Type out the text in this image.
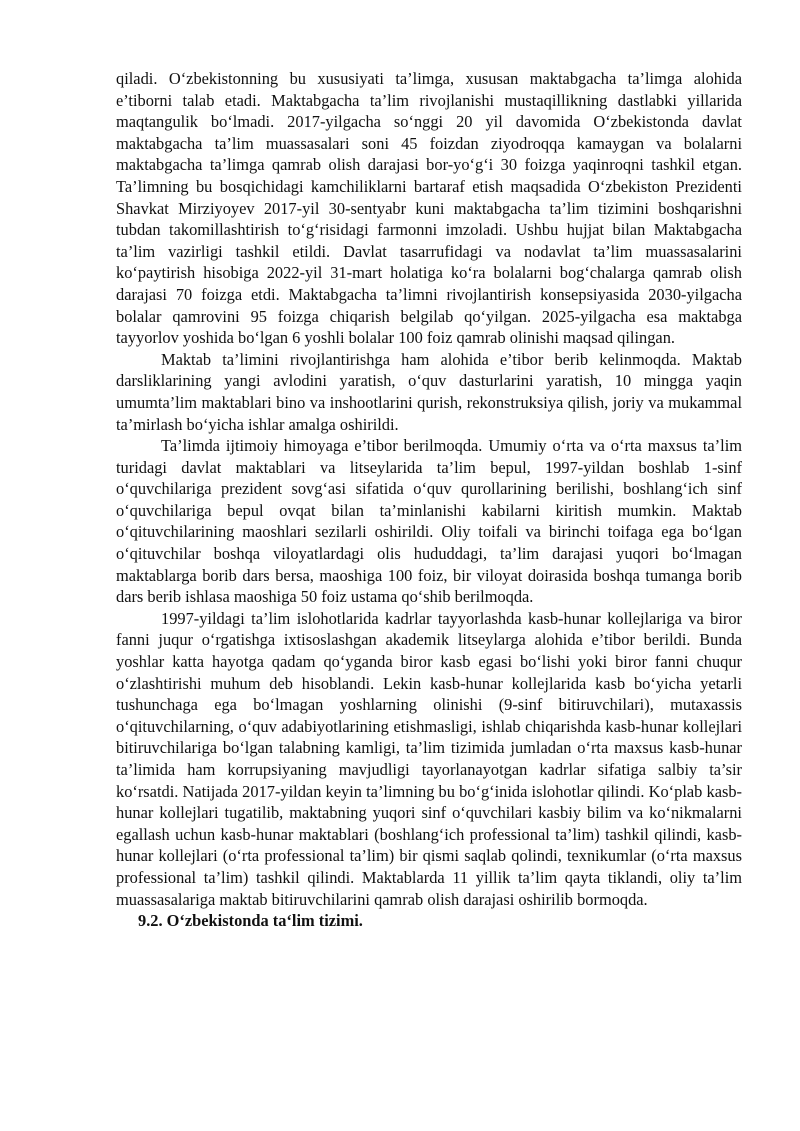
qiladi. O‘zbekistonning bu xususiyati ta’limga, xususan maktabgacha ta’limga alohida e’tiborni talab etadi. Maktabgacha ta’lim rivojlanishi mustaqillikning dastlabki yillarida maqtangulik bo‘lmadi. 2017-yilgacha so‘nggi 20 yil davomida O‘zbekistonda davlat maktabgacha ta’lim muassasalari soni 45 foizdan ziyodroqqa kamaygan va bolalarni maktabgacha ta’limga qamrab olish darajasi bor-yo‘g‘i 30 foizga yaqinroqni tashkil etgan. Ta’limning bu bosqichidagi kamchiliklarni bartaraf etish maqsadida O‘zbekiston Prezidenti Shavkat Mirziyoyev 2017-yil 30-sentyabr kuni maktabgacha ta’lim tizimini boshqarishni tubdan takomillashtirish to‘g‘risidagi farmonni imzoladi. Ushbu hujjat bilan Maktabgacha ta’lim vazirligi tashkil etildi. Davlat tasarrufidagi va nodavlat ta’lim muassasalarini ko‘paytirish hisobiga 2022-yil 31-mart holatiga ko‘ra bolalarni bog‘chalarga qamrab olish darajasi 70 foizga etdi. Maktabgacha ta’limni rivojlantirish konsepsiyasida 2030-yilgacha bolalar qamrovini 95 foizga chiqarish belgilab qo‘yilgan. 2025-yilgacha esa maktabga tayyorlov yoshida bo‘lgan 6 yoshli bolalar 100 foiz qamrab olinishi maqsad qilingan.

Maktab ta’limini rivojlantirishga ham alohida e’tibor berib kelinmoqda. Maktab darsliklarining yangi avlodini yaratish, o‘quv dasturlarini yaratish, 10 mingga yaqin umumta’lim maktablari bino va inshootlarini qurish, rekonstruksiya qilish, joriy va mukammal ta’mirlash bo‘yicha ishlar amalga oshirildi.

Ta’limda ijtimoiy himoyaga e’tibor berilmoqda. Umumiy o‘rta va o‘rta maxsus ta’lim turidagi davlat maktablari va litseylarida ta’lim bepul, 1997-yildan boshlab 1-sinf o‘quvchilariga prezident sovg‘asi sifatida o‘quv qurollarining berilishi, boshlang‘ich sinf o‘quvchilariga bepul ovqat bilan ta’minlanishi kabilarni kiritish mumkin. Maktab o‘qituvchilarining maoshlari sezilarli oshirildi. Oliy toifali va birinchi toifaga ega bo‘lgan o‘qituvchilar boshqa viloyatlardagi olis hududdagi, ta’lim darajasi yuqori bo‘lmagan maktablarga borib dars bersa, maoshiga 100 foiz, bir viloyat doirasida boshqa tumanga borib dars berib ishlasa maoshiga 50 foiz ustama qo‘shib berilmoqda.

1997-yildagi ta’lim islohotlarida kadrlar tayyorlashda kasb-hunar kollejlariga va biror fanni juqur o‘rgatishga ixtisoslashgan akademik litseylarga alohida e’tibor berildi. Bunda yoshlar katta hayotga qadam qo‘yganda biror kasb egasi bo‘lishi yoki biror fanni chuqur o‘zlashtirishi muhum deb hisoblandi. Lekin kasb-hunar kollejlarida kasb bo‘yicha yetarli tushunchaga ega bo‘lmagan yoshlarning olinishi (9-sinf bitiruvchilari), mutaxassis o‘qituvchilarning, o‘quv adabiyotlarining etishmasligi, ishlab chiqarishda kasb-hunar kollejlari bitiruvchilariga bo‘lgan talabning kamligi, ta’lim tizimida jumladan o‘rta maxsus kasb-hunar ta’limida ham korrupsiyaning mavjudligi tayorlanayotgan kadrlar sifatiga salbiy ta’sir ko‘rsatdi. Natijada 2017-yildan keyin ta’limning bu bo‘g‘inida islohotlar qilindi. Ko‘plab kasb-hunar kollejlari tugatilib, maktabning yuqori sinf o‘quvchilari kasbiy bilim va ko‘nikmalarni egallash uchun kasb-hunar maktablari (boshlang‘ich professional ta’lim) tashkil qilindi, kasb-hunar kollejlari (o‘rta professional ta’lim) bir qismi saqlab qolindi, texnikumlar (o‘rta maxsus professional ta’lim) tashkil qilindi. Maktablarda 11 yillik ta’lim qayta tiklandi, oliy ta’lim muassasalariga maktab bitiruvchilarini qamrab olish darajasi oshirilib bormoqda.

9.2. O‘zbekistonda ta‘lim tizimi.
